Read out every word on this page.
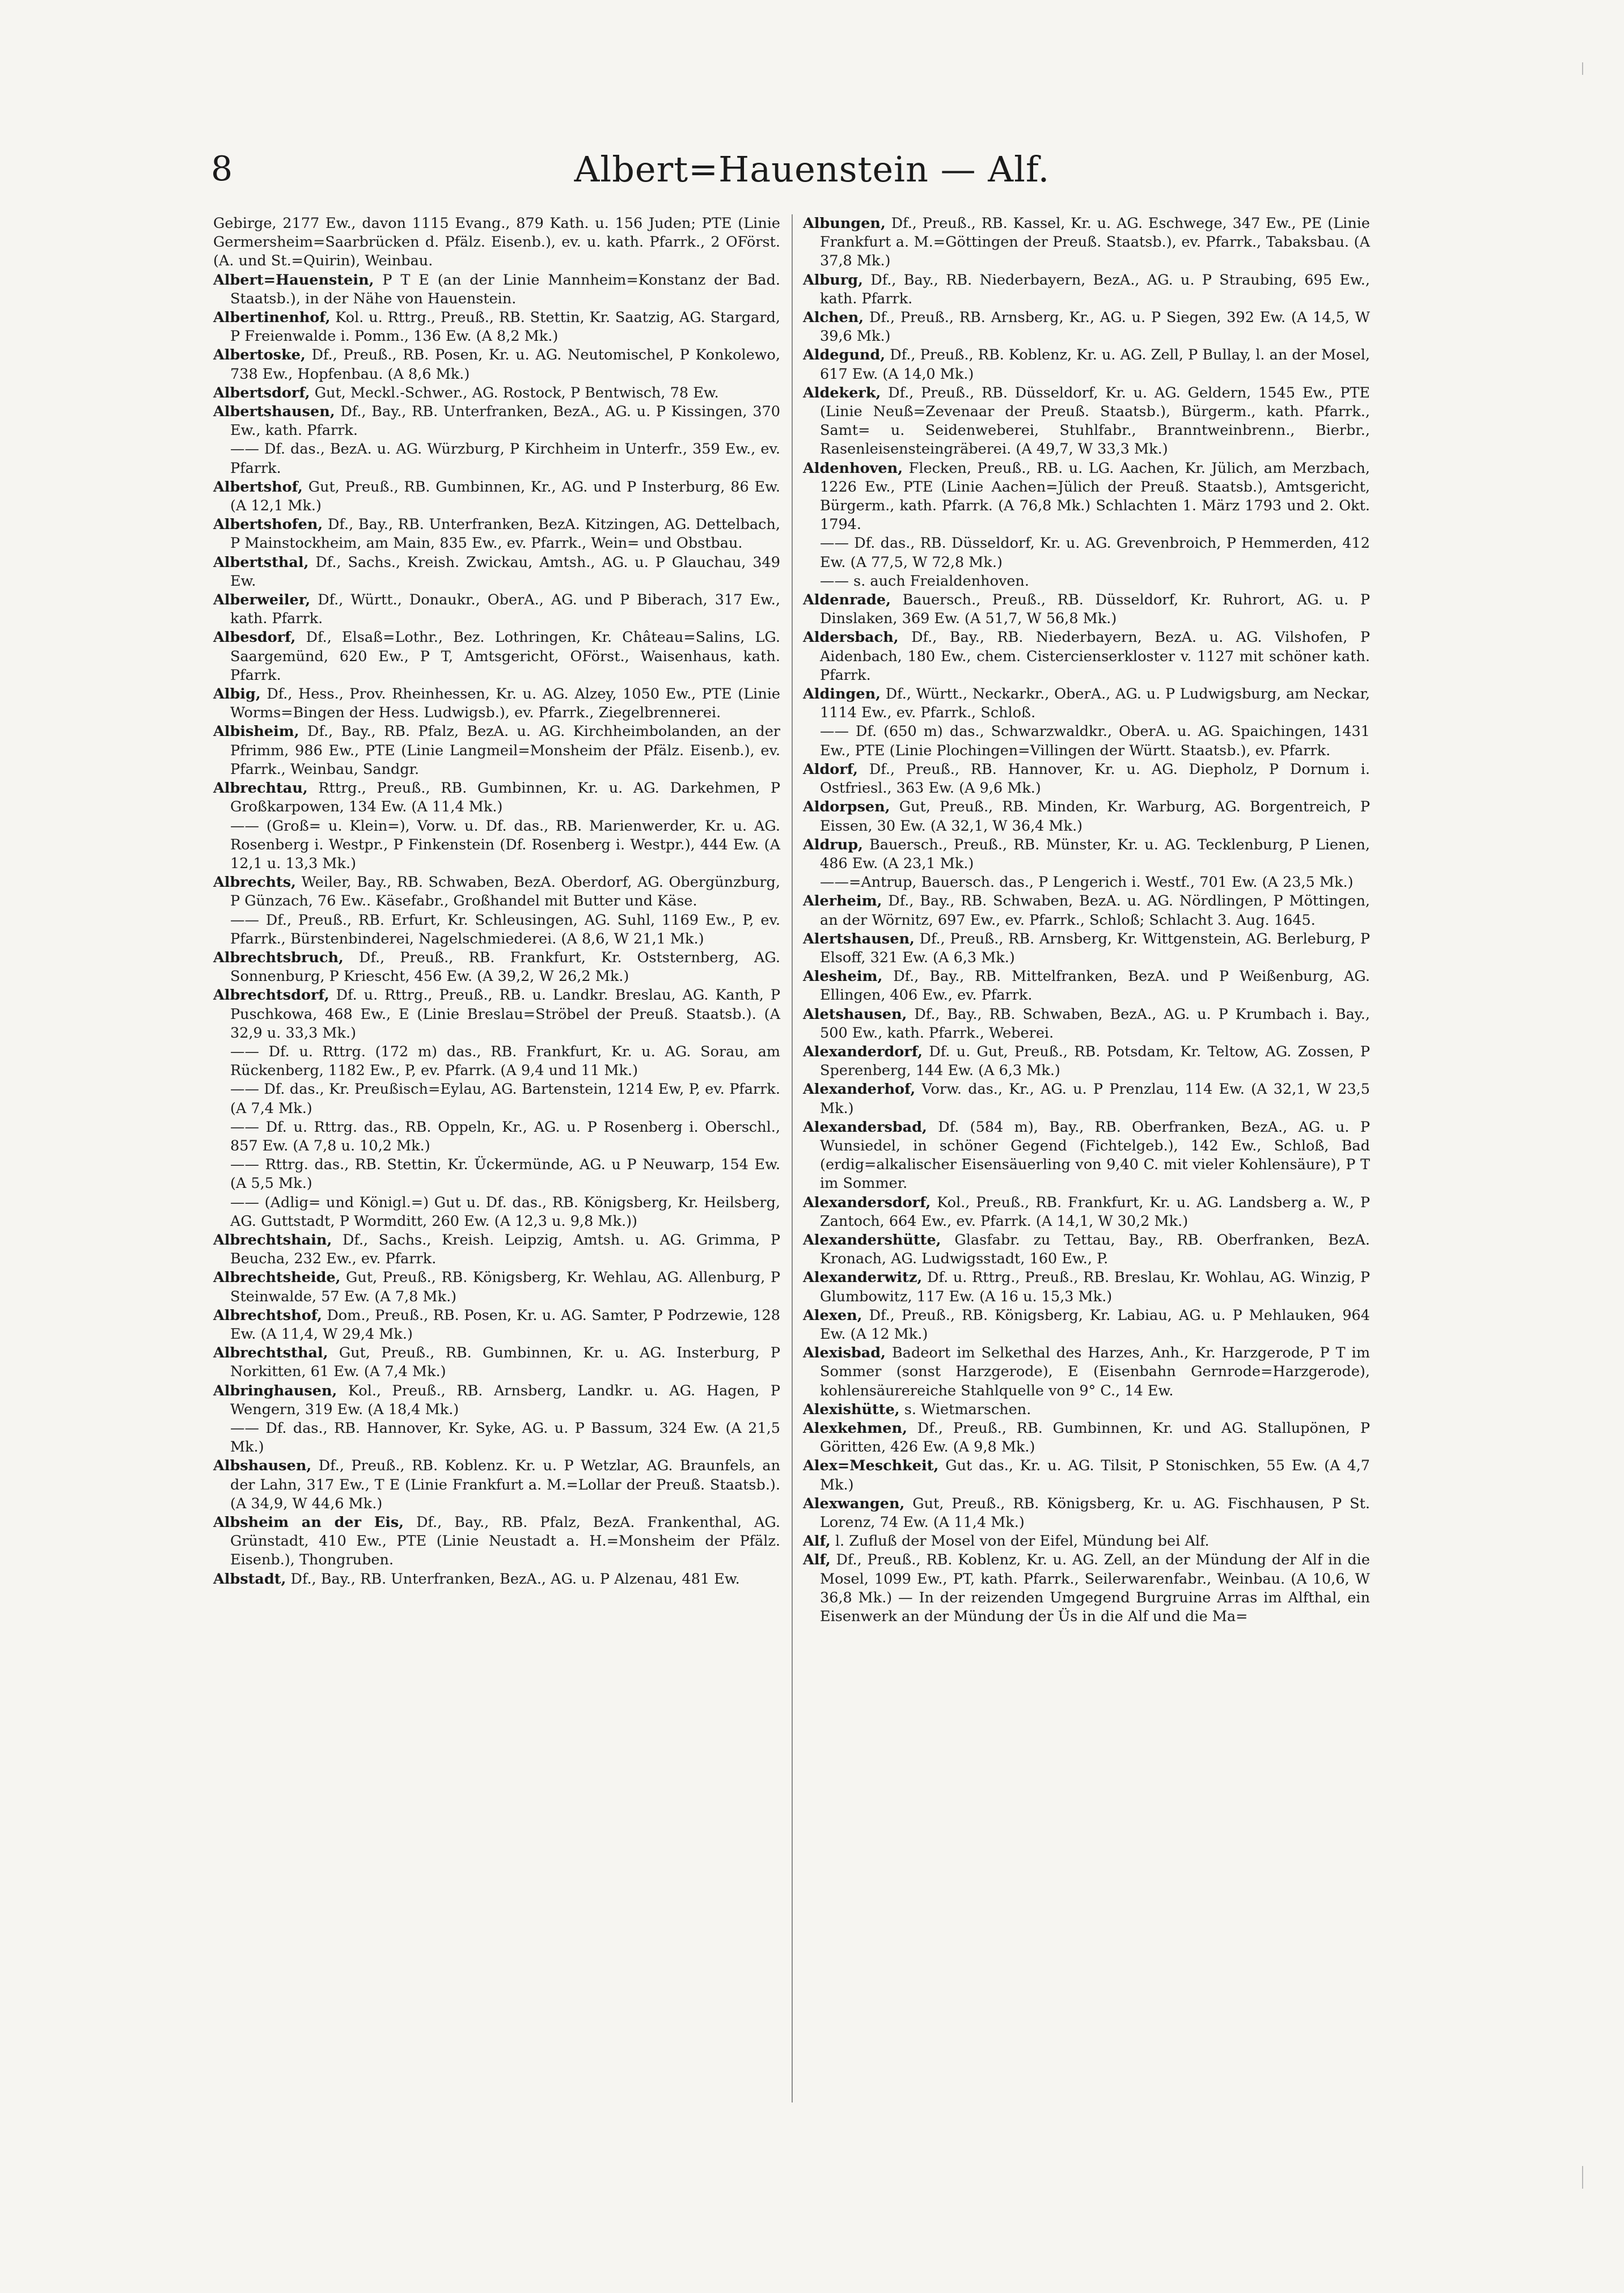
8	Albert=Hauenstein — Alf.

Gebirge, 2177 Ew., davon 1115 Evang., 879 Kath. u. 156 Juden; PTE (Linie Germersheim=Saarbrücken d. Pfälz. Eisenb.), ev. u. kath. Pfarrk., 2 OFörst. (A. und St.=Quirin), Weinbau.

Albert=Hauenstein, P T E (an der Linie Mannheim=Konstanz der Bad. Staatsb.), in der Nähe von Hauenstein.

Albertinenhof, Kol. u. Rttrg., Preuß., RB. Stettin, Kr. Saatzig, AG. Stargard, P Freienwalde i. Pomm., 136 Ew. (A 8,2 Mk.)

Albertoske, Df., Preuß., RB. Posen, Kr. u. AG. Neutomischel, P Konkolewo, 738 Ew., Hopfenbau. (A 8,6 Mk.)

Albertsdorf, Gut, Meckl.-Schwer., AG. Rostock, P Bentwisch, 78 Ew.

Albertshausen, Df., Bay., RB. Unterfranken, BezA., AG. u. P Kissingen, 370 Ew., kath. Pfarrk.

—— Df. das., BezA. u. AG. Würzburg, P Kirchheim in Unterfr., 359 Ew., ev. Pfarrk.

Albertshof, Gut, Preuß., RB. Gumbinnen, Kr., AG. und P Insterburg, 86 Ew. (A 12,1 Mk.)

Albertshofen, Df., Bay., RB. Unterfranken, BezA. Kitzingen, AG. Dettelbach, P Mainstockheim, am Main, 835 Ew., ev. Pfarrk., Wein= und Obstbau.

Albertsthal, Df., Sachs., Kreish. Zwickau, Amtsh., AG. u. P Glauchau, 349 Ew.

Alberweiler, Df., Württ., Donaukr., OberA., AG. und P Biberach, 317 Ew., kath. Pfarrk.

Albesdorf, Df., Elsaß=Lothr., Bez. Lothringen, Kr. Château=Salins, LG. Saargemünd, 620 Ew., P T, Amtsgericht, OFörst., Waisenhaus, kath. Pfarrk.

Albig, Df., Hess., Prov. Rheinhessen, Kr. u. AG. Alzey, 1050 Ew., PTE (Linie Worms=Bingen der Hess. Ludwigsb.), ev. Pfarrk., Ziegelbrennerei.

Albisheim, Df., Bay., RB. Pfalz, BezA. u. AG. Kirchheimbolanden, an der Pfrimm, 986 Ew., PTE (Linie Langmeil=Monsheim der Pfälz. Eisenb.), ev. Pfarrk., Weinbau, Sandgr.

Albrechtau, Rttrg., Preuß., RB. Gumbinnen, Kr. u. AG. Darkehmen, P Großkarpowen, 134 Ew. (A 11,4 Mk.)

—— (Groß= u. Klein=), Vorw. u. Df. das., RB. Marienwerder, Kr. u. AG. Rosenberg i. Westpr., P Finkenstein (Df. Rosenberg i. Westpr.), 444 Ew. (A 12,1 u. 13,3 Mk.)

Albrechts, Weiler, Bay., RB. Schwaben, BezA. Oberdorf, AG. Obergünzburg, P Günzach, 76 Ew.. Käsefabr., Großhandel mit Butter und Käse.

—— Df., Preuß., RB. Erfurt, Kr. Schleusingen, AG. Suhl, 1169 Ew., P, ev. Pfarrk., Bürstenbinderei, Nagelschmiederei. (A 8,6, W 21,1 Mk.)

Albrechtsbruch, Df., Preuß., RB. Frankfurt, Kr. Oststernberg, AG. Sonnenburg, P Kriescht, 456 Ew. (A 39,2, W 26,2 Mk.)

Albrechtsdorf, Df. u. Rttrg., Preuß., RB. u. Landkr. Breslau, AG. Kanth, P Puschkowa, 468 Ew., E (Linie Breslau=Ströbel der Preuß. Staatsb.). (A 32,9 u. 33,3 Mk.)

—— Df. u. Rttrg. (172 m) das., RB. Frankfurt, Kr. u. AG. Sorau, am Rückenberg, 1182 Ew., P, ev. Pfarrk. (A 9,4 und 11 Mk.)

—— Df. das., Kr. Preußisch=Eylau, AG. Bartenstein, 1214 Ew, P, ev. Pfarrk. (A 7,4 Mk.)

—— Df. u. Rttrg. das., RB. Oppeln, Kr., AG. u. P Rosenberg i. Oberschl., 857 Ew. (A 7,8 u. 10,2 Mk.)

—— Rttrg. das., RB. Stettin, Kr. Ückermünde, AG. u P Neuwarp, 154 Ew. (A 5,5 Mk.)

—— (Adlig= und Königl.=) Gut u. Df. das., RB. Königsberg, Kr. Heilsberg, AG. Guttstadt, P Wormditt, 260 Ew. (A 12,3 u. 9,8 Mk.))

Albrechtshain, Df., Sachs., Kreish. Leipzig, Amtsh. u. AG. Grimma, P Beucha, 232 Ew., ev. Pfarrk.

Albrechtsheide, Gut, Preuß., RB. Königsberg, Kr. Wehlau, AG. Allenburg, P Steinwalde, 57 Ew. (A 7,8 Mk.)

Albrechtshof, Dom., Preuß., RB. Posen, Kr. u. AG. Samter, P Podrzewie, 128 Ew. (A 11,4, W 29,4 Mk.)

Albrechtsthal, Gut, Preuß., RB. Gumbinnen, Kr. u. AG. Insterburg, P Norkitten, 61 Ew. (A 7,4 Mk.)

Albringhausen, Kol., Preuß., RB. Arnsberg, Landkr. u. AG. Hagen, P Wengern, 319 Ew. (A 18,4 Mk.)

—— Df. das., RB. Hannover, Kr. Syke, AG. u. P Bassum, 324 Ew. (A 21,5 Mk.)

Albshausen, Df., Preuß., RB. Koblenz. Kr. u. P Wetzlar, AG. Braunfels, an der Lahn, 317 Ew., T E (Linie Frankfurt a. M.=Lollar der Preuß. Staatsb.). (A 34,9, W 44,6 Mk.)

Albsheim an der Eis, Df., Bay., RB. Pfalz, BezA. Frankenthal, AG. Grünstadt, 410 Ew., PTE (Linie Neustadt a. H.=Monsheim der Pfälz. Eisenb.), Thongruben.

Albstadt, Df., Bay., RB. Unterfranken, BezA., AG. u. P Alzenau, 481 Ew.

Albungen, Df., Preuß., RB. Kassel, Kr. u. AG. Eschwege, 347 Ew., PE (Linie Frankfurt a. M.=Göttingen der Preuß. Staatsb.), ev. Pfarrk., Tabaksbau. (A 37,8 Mk.)

Alburg, Df., Bay., RB. Niederbayern, BezA., AG. u. P Straubing, 695 Ew., kath. Pfarrk.

Alchen, Df., Preuß., RB. Arnsberg, Kr., AG. u. P Siegen, 392 Ew. (A 14,5, W 39,6 Mk.)

Aldegund, Df., Preuß., RB. Koblenz, Kr. u. AG. Zell, P Bullay, l. an der Mosel, 617 Ew. (A 14,0 Mk.)

Aldekerk, Df., Preuß., RB. Düsseldorf, Kr. u. AG. Geldern, 1545 Ew., PTE (Linie Neuß=Zevenaar der Preuß. Staatsb.), Bürgerm., kath. Pfarrk., Samt= u. Seidenweberei, Stuhlfabr., Branntweinbrenn., Bierbr., Rasenleisensteingräberei. (A 49,7, W 33,3 Mk.)

Aldenhoven, Flecken, Preuß., RB. u. LG. Aachen, Kr. Jülich, am Merzbach, 1226 Ew., PTE (Linie Aachen=Jülich der Preuß. Staatsb.), Amtsgericht, Bürgerm., kath. Pfarrk. (A 76,8 Mk.) Schlachten 1. März 1793 und 2. Okt. 1794.

—— Df. das., RB. Düsseldorf, Kr. u. AG. Grevenbroich, P Hemmerden, 412 Ew. (A 77,5, W 72,8 Mk.)

—— s. auch Freialdenhoven.

Aldenrade, Bauersch., Preuß., RB. Düsseldorf, Kr. Ruhrort, AG. u. P Dinslaken, 369 Ew. (A 51,7, W 56,8 Mk.)

Aldersbach, Df., Bay., RB. Niederbayern, BezA. u. AG. Vilshofen, P Aidenbach, 180 Ew., chem. Cistercienserkloster v. 1127 mit schöner kath. Pfarrk.

Aldingen, Df., Württ., Neckarkr., OberA., AG. u. P Ludwigsburg, am Neckar, 1114 Ew., ev. Pfarrk., Schloß.

—— Df. (650 m) das., Schwarzwaldkr., OberA. u. AG. Spaichingen, 1431 Ew., PTE (Linie Plochingen=Villingen der Württ. Staatsb.), ev. Pfarrk.

Aldorf, Df., Preuß., RB. Hannover, Kr. u. AG. Diepholz, P Dornum i. Ostfriesl., 363 Ew. (A 9,6 Mk.)

Aldorpsen, Gut, Preuß., RB. Minden, Kr. Warburg, AG. Borgentreich, P Eissen, 30 Ew. (A 32,1, W 36,4 Mk.)

Aldrup, Bauersch., Preuß., RB. Münster, Kr. u. AG. Tecklenburg, P Lienen, 486 Ew. (A 23,1 Mk.)

——=Antrup, Bauersch. das., P Lengerich i. Westf., 701 Ew. (A 23,5 Mk.)

Alerheim, Df., Bay., RB. Schwaben, BezA. u. AG. Nördlingen, P Möttingen, an der Wörnitz, 697 Ew., ev. Pfarrk., Schloß; Schlacht 3. Aug. 1645.

Alertshausen, Df., Preuß., RB. Arnsberg, Kr. Wittgenstein, AG. Berleburg, P Elsoff, 321 Ew. (A 6,3 Mk.)

Alesheim, Df., Bay., RB. Mittelfranken, BezA. und P Weißenburg, AG. Ellingen, 406 Ew., ev. Pfarrk.

Aletshausen, Df., Bay., RB. Schwaben, BezA., AG. u. P Krumbach i. Bay., 500 Ew., kath. Pfarrk., Weberei.

Alexanderdorf, Df. u. Gut, Preuß., RB. Potsdam, Kr. Teltow, AG. Zossen, P Sperenberg, 144 Ew. (A 6,3 Mk.)

Alexanderhof, Vorw. das., Kr., AG. u. P Prenzlau, 114 Ew. (A 32,1, W 23,5 Mk.)

Alexandersbad, Df. (584 m), Bay., RB. Oberfranken, BezA., AG. u. P Wunsiedel, in schöner Gegend (Fichtelgeb.), 142 Ew., Schloß, Bad (erdig=alkalischer Eisensäuerling von 9,40 C. mit vieler Kohlensäure), P T im Sommer.

Alexandersdorf, Kol., Preuß., RB. Frankfurt, Kr. u. AG. Landsberg a. W., P Zantoch, 664 Ew., ev. Pfarrk. (A 14,1, W 30,2 Mk.)

Alexandershütte, Glasfabr. zu Tettau, Bay., RB. Oberfranken, BezA. Kronach, AG. Ludwigsstadt, 160 Ew., P.

Alexanderwitz, Df. u. Rttrg., Preuß., RB. Breslau, Kr. Wohlau, AG. Winzig, P Glumbowitz, 117 Ew. (A 16 u. 15,3 Mk.)

Alexen, Df., Preuß., RB. Königsberg, Kr. Labiau, AG. u. P Mehlauken, 964 Ew. (A 12 Mk.)

Alexisbad, Badeort im Selkethal des Harzes, Anh., Kr. Harzgerode, P T im Sommer (sonst Harzgerode), E (Eisenbahn Gernrode=Harzgerode), kohlensäurereiche Stahlquelle von 9° C., 14 Ew.

Alexishütte, s. Wietmarschen.

Alexkehmen, Df., Preuß., RB. Gumbinnen, Kr. und AG. Stallupönen, P Göritten, 426 Ew. (A 9,8 Mk.)

Alex=Meschkeit, Gut das., Kr. u. AG. Tilsit, P Stonischken, 55 Ew. (A 4,7 Mk.)

Alexwangen, Gut, Preuß., RB. Königsberg, Kr. u. AG. Fischhausen, P St. Lorenz, 74 Ew. (A 11,4 Mk.)

Alf, l. Zufluß der Mosel von der Eifel, Mündung bei Alf.

Alf, Df., Preuß., RB. Koblenz, Kr. u. AG. Zell, an der Mündung der Alf in die Mosel, 1099 Ew., PT, kath. Pfarrk., Seilerwarenfabr., Weinbau. (A 10,6, W 36,8 Mk.) — In der reizenden Umgegend Burgruine Arras im Alfthal, ein Eisenwerk an der Mündung der Üs in die Alf und die Ma=
